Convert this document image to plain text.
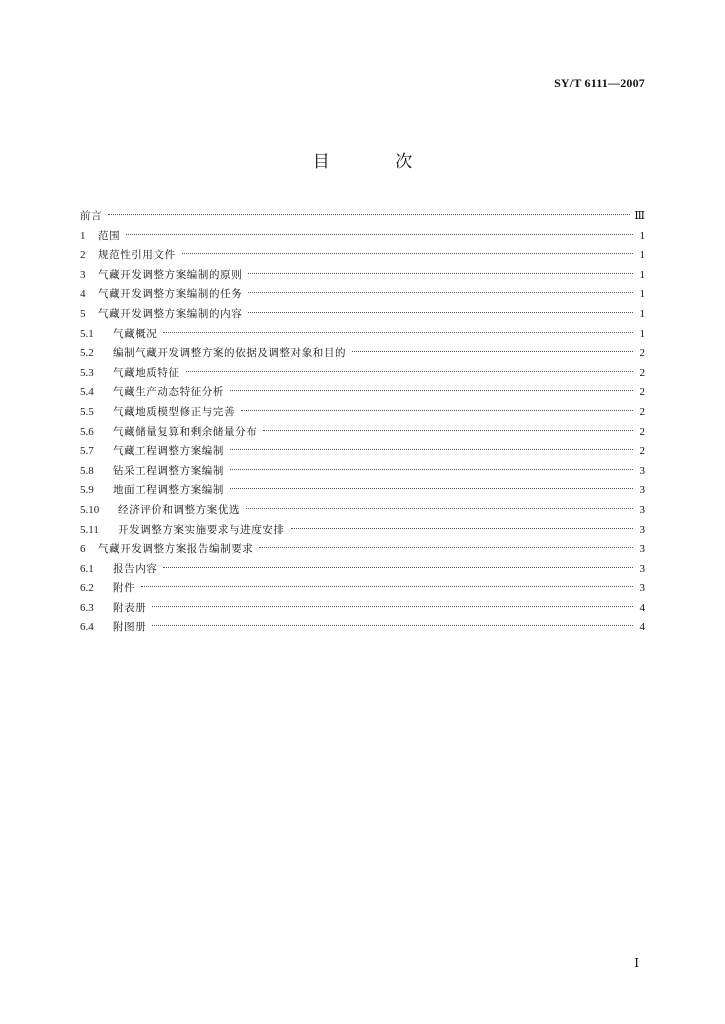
SY/T 6111—2007

目 次
前言	Ⅲ
1	范围	1
2	规范性引用文件	1
3	气藏开发调整方案编制的原则	1
4	气藏开发调整方案编制的任务	1
5	气藏开发调整方案编制的内容	1
5.1	气藏概况	1
5.2	编制气藏开发调整方案的依据及调整对象和目的	2
5.3	气藏地质特征	2
5.4	气藏生产动态特征分析	2
5.5	气藏地质模型修正与完善	2
5.6	气藏储量复算和剩余储量分布	2
5.7	气藏工程调整方案编制	2
5.8	钻采工程调整方案编制	3
5.9	地面工程调整方案编制	3
5.10	经济评价和调整方案优选	3
5.11	开发调整方案实施要求与进度安排	3
6	气藏开发调整方案报告编制要求	3
6.1	报告内容	3
6.2	附件	3
6.3	附表册	4
6.4	附图册	4

Ⅰ
